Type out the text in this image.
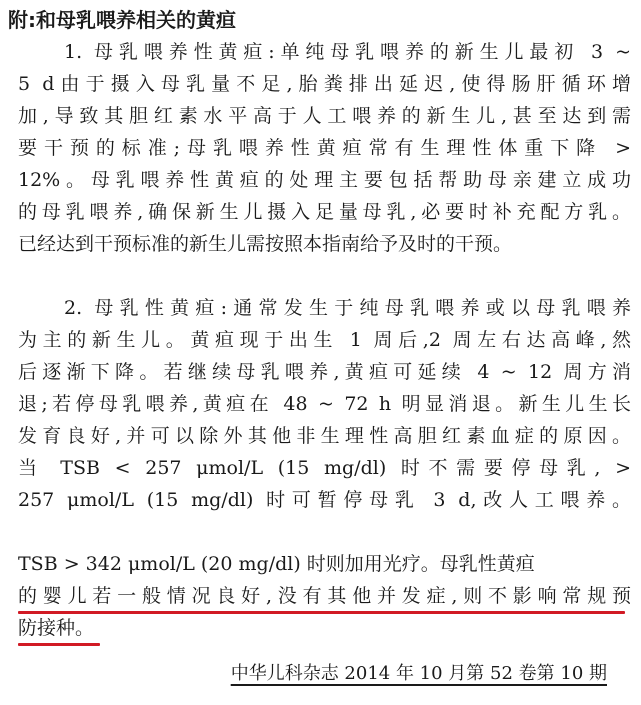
附:和母乳喂养相关的黄疸
1. 母乳喂养性黄疸:单纯母乳喂养的新生儿最初 3 ~
5 d由于摄入母乳量不足,胎粪排出延迟,使得肠肝循环增
加,导致其胆红素水平高于人工喂养的新生儿,甚至达到需
要干预的标准;母乳喂养性黄疸常有生理性体重下降 >
12%。母乳喂养性黄疸的处理主要包括帮助母亲建立成功
的母乳喂养,确保新生儿摄入足量母乳,必要时补充配方乳。
已经达到干预标准的新生儿需按照本指南给予及时的干预。
2. 母乳性黄疸:通常发生于纯母乳喂养或以母乳喂养
为主的新生儿。黄疸现于出生 1 周后,2 周左右达高峰,然
后逐渐下降。若继续母乳喂养,黄疸可延续 4 ~ 12 周方消
退;若停母乳喂养,黄疸在 48 ~ 72 h 明显消退。新生儿生长
发育良好,并可以除外其他非生理性高胆红素血症的原因。
当 TSB < 257 μmol/L (15 mg/dl) 时不需要停母乳, >
257 μmol/L (15 mg/dl) 时可暂停母乳 3 d,改人工喂养。
TSB > 342 μmol/L (20 mg/dl) 时则加用光疗。母乳性黄疸
的婴儿若一般情况良好,没有其他并发症,则不影响常规预
防接种。
中华儿科杂志 2014 年 10 月第 52 卷第 10 期
